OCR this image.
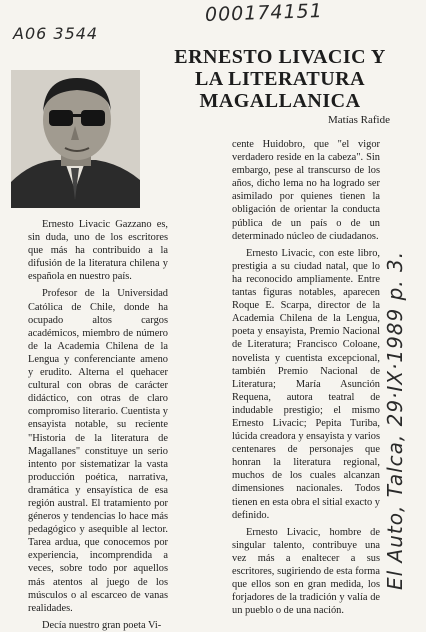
000174151
A06 3544
El Auto, Talca, 29·IX·1989 p. 3.
ERNESTO LIVACIC Y
LA LITERATURA
MAGALLANICA
Matías Rafide

Ernesto Livacic Gazzano es, sin duda, uno de los escritores que más ha contribuido a la difusión de la literatura chilena y española en nuestro país.

Profesor de la Universidad Católica de Chile, donde ha ocupado altos cargos académicos, miembro de número de la Academia Chilena de la Lengua y conferenciante ameno y erudito. Alterna el quehacer cultural con obras de carácter didáctico, con otras de claro compromiso literario. Cuentista y ensayista notable, su reciente "Historia de la literatura de Magallanes" constituye un serio intento por sistematizar la vasta producción poética, narrativa, dramática y ensayística de esa región austral. El tratamiento por géneros y tendencias lo hace más pedagógico y asequible al lector. Tarea ardua, que conocemos por experiencia, incomprendida a veces, sobre todo por aquellos más atentos al juego de los músculos o al escarceo de vanas realidades.

Decía nuestro gran poeta Vi-

cente Huidobro, que "el vigor verdadero reside en la cabeza". Sin embargo, pese al transcurso de los años, dicho lema no ha logrado ser asimilado por quienes tienen la obligación de orientar la conducta pública de un país o de un determinado núcleo de ciudadanos.

Ernesto Livacic, con este libro, prestigia a su ciudad natal, que lo ha reconocido ampliamente. Entre tantas figuras notables, aparecen Roque E. Scarpa, director de la Academia Chilena de la Lengua, poeta y ensayista, Premio Nacional de Literatura; Francisco Coloane, novelista y cuentista excepcional, también Premio Nacional de Literatura; María Asunción Requena, autora teatral de indudable prestigio; el mismo Ernesto Livacic; Pepita Turiba, lúcida creadora y ensayista y varios centenares de personajes que honran la literatura regional, muchos de los cuales alcanzan dimensiones nacionales. Todos tienen en esta obra el sitial exacto y definido.

Ernesto Livacic, hombre de singular talento, contribuye una vez más a enaltecer a sus escritores, sugiriendo de esta forma que ellos son en gran medida, los forjadores de la tradición y valía de un pueblo o de una nación.
